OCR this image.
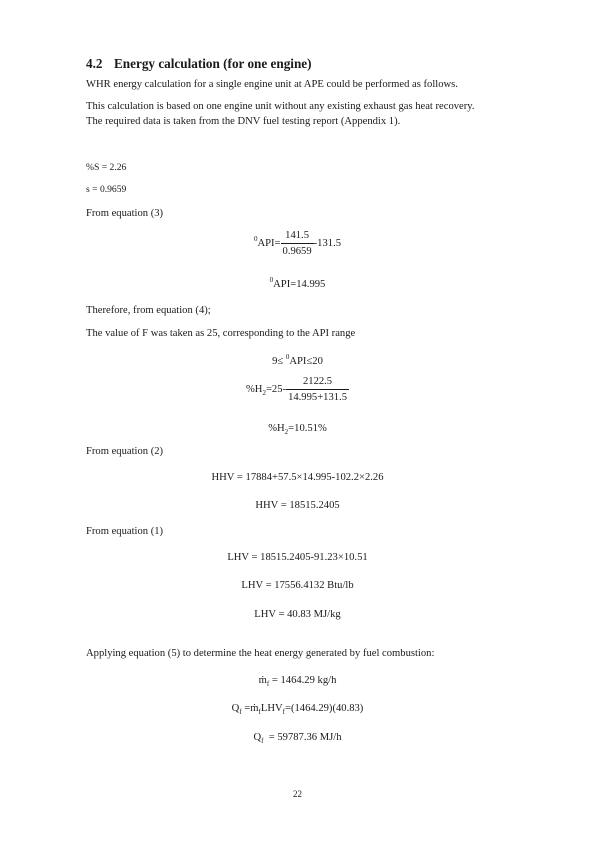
4.2 Energy calculation (for one engine)
WHR energy calculation for a single engine unit at APE could be performed as follows.
This calculation is based on one engine unit without any existing exhaust gas heat recovery.
The required data is taken from the DNV fuel testing report (Appendix 1).
%S = 2.26
s = 0.9659
From equation (3)
$^0API= \frac{141.5}{0.9659} -131.5$
$^0$API=14.995
Therefore, from equation (4);
The value of F was taken as 25, corresponding to the API range
9≤ $^0$API≤20
$\%H_2=25- \frac{2122.5}{14.995+131.5}$
$\%H_2=10.51\%$
From equation (2)
HHV = 17884+57.5×14.995-102.2×2.26
HHV = 18515.2405
From equation (1)
LHV = 18515.2405-91.23×10.51
LHV = 17556.4132 Btu/lb
LHV = 40.83 MJ/kg
Applying equation (5) to determine the heat energy generated by fuel combustion:
ṁ$_f$ = 1464.29 kg/h
$Q_f$ $=ṁ_fLHV_f=(1464.29)(40.83)$
$Q_f = 59787.36$ MJ/h
22
